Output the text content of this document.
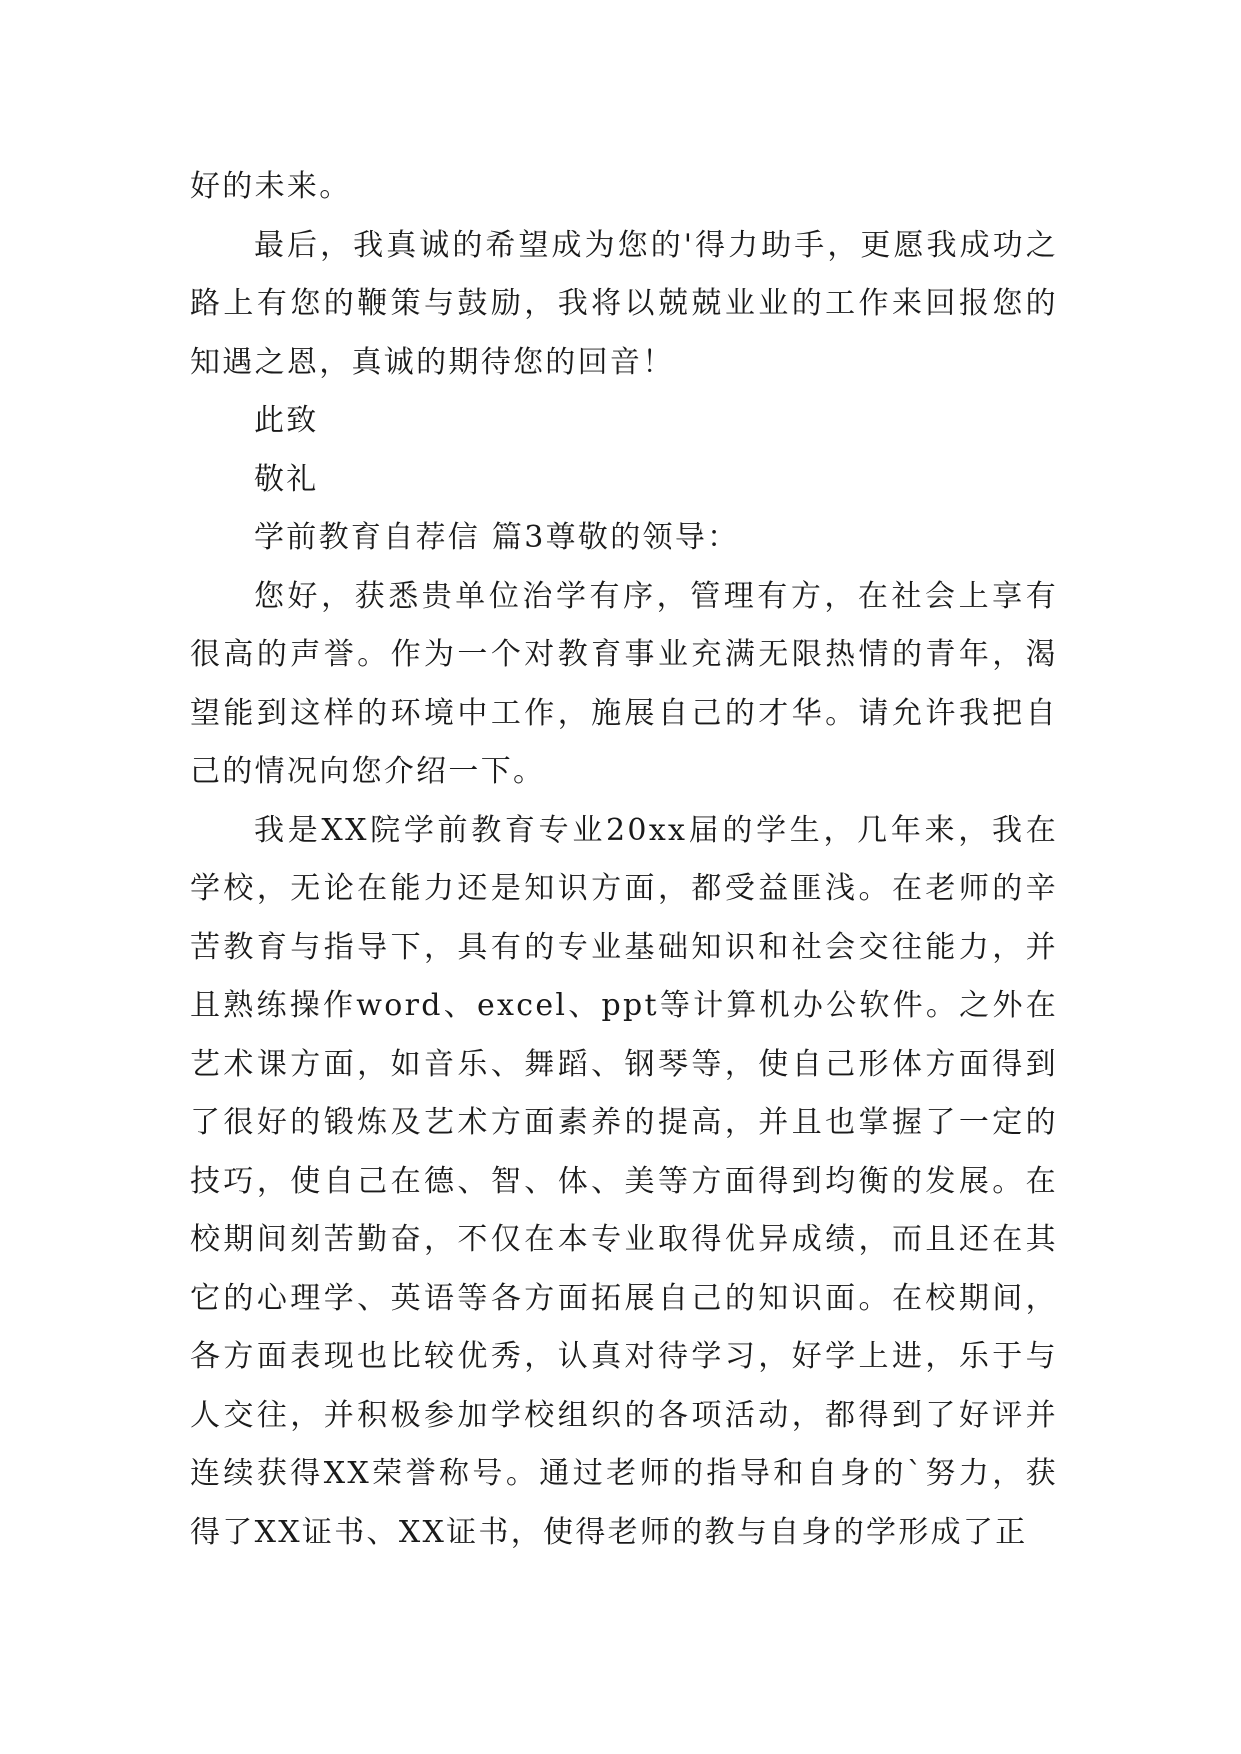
好的未来。

最后，我真诚的希望成为您的'得力助手，更愿我成功之路上有您的鞭策与鼓励，我将以兢兢业业的工作来回报您的知遇之恩，真诚的期待您的回音！

此致

敬礼

学前教育自荐信 篇3尊敬的领导：

您好，获悉贵单位治学有序，管理有方，在社会上享有很高的声誉。作为一个对教育事业充满无限热情的青年，渴望能到这样的环境中工作，施展自己的才华。请允许我把自己的情况向您介绍一下。

我是XX院学前教育专业20xx届的学生，几年来，我在学校，无论在能力还是知识方面，都受益匪浅。在老师的辛苦教育与指导下，具有的专业基础知识和社会交往能力，并且熟练操作word、excel、ppt等计算机办公软件。之外在艺术课方面，如音乐、舞蹈、钢琴等，使自己形体方面得到了很好的锻炼及艺术方面素养的提高，并且也掌握了一定的技巧，使自己在德、智、体、美等方面得到均衡的发展。在校期间刻苦勤奋，不仅在本专业取得优异成绩，而且还在其它的心理学、英语等各方面拓展自己的知识面。在校期间，各方面表现也比较优秀，认真对待学习，好学上进，乐于与人交往，并积极参加学校组织的各项活动，都得到了好评并连续获得XX荣誉称号。通过老师的指导和自身的`努力，获得了XX证书、XX证书，使得老师的教与自身的学形成了正
